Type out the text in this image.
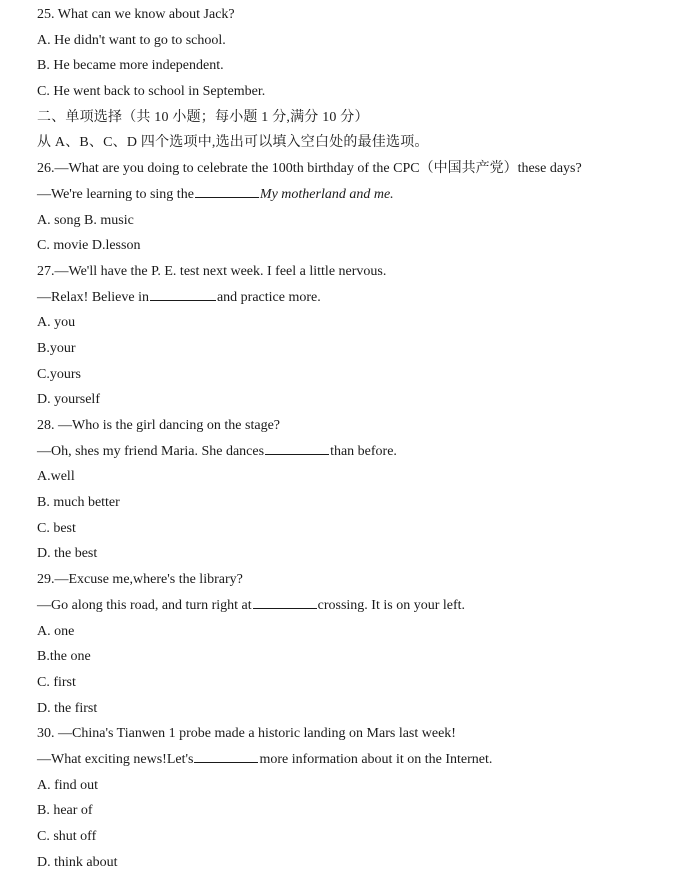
25. What can we know about Jack?
A. He didn't want to go to school.
B. He became more independent.
C. He went back to school in September.
二、单项选择（共 10 小题；每小题 1 分,满分 10 分）
从 A、B、C、D 四个选项中,选出可以填入空白处的最佳选项。
26.—What are you doing to celebrate the 100th birthday of the CPC（中国共产党）these days?
—We're learning to sing the	My motherland and me.
A. song B. music
C. movie D.lesson
27.—We'll have the P. E. test next week. I feel a little nervous.
—Relax! Believe in	and practice more.
A. you
B.your
C.yours
D. yourself
28. —Who is the girl dancing on the stage?
—Oh, shes my friend Maria. She dances	than before.
A.well
B. much better
C. best
D. the best
29.—Excuse me,where's the library?
—Go along this road, and turn right at	crossing. It is on your left.
A. one
B.the one
C. first
D. the first
30. —China's Tianwen 1 probe made a historic landing on Mars last week!
—What exciting news!Let's	more information about it on the Internet.
A. find out
B. hear of
C. shut off
D. think about
